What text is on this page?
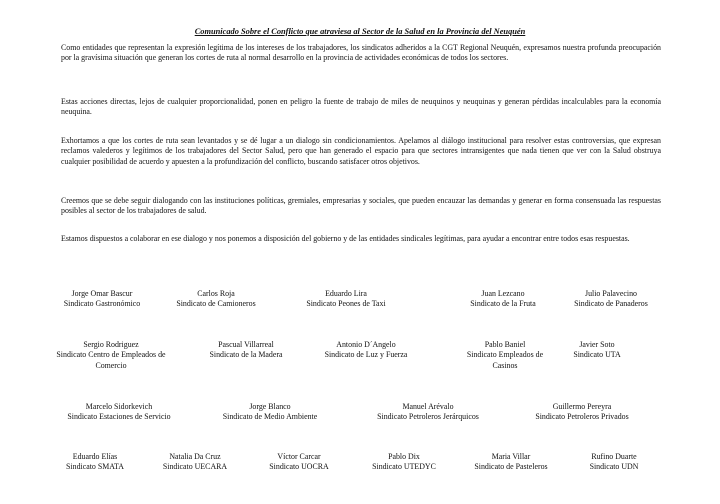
Comunicado Sobre el Conflicto que atraviesa al Sector de la Salud en la Provincia del Neuquén

Como entidades que representan la expresión legítima de los intereses de los trabajadores, los sindicatos adheridos a la CGT Regional Neuquén, expresamos nuestra profunda preocupación por la gravísima situación que generan los cortes de ruta al normal desarrollo en la provincia de actividades económicas de todos los sectores.

Estas acciones directas, lejos de cualquier proporcionalidad, ponen en peligro la fuente de trabajo de miles de neuquinos y neuquinas y generan pérdidas incalculables para la economía neuquina.

Exhortamos a que los cortes de ruta sean levantados y se dé lugar a un dialogo sin condicionamientos. Apelamos al diálogo institucional para resolver estas controversias, que expresan reclamos valederos y legítimos de los trabajadores del Sector Salud, pero que han generado el espacio para que sectores intransigentes que nada tienen que ver con la Salud obstruya cualquier posibilidad de acuerdo y apuesten a la profundización del conflicto, buscando satisfacer otros objetivos.

Creemos que se debe seguir dialogando con las instituciones políticas, gremiales, empresarias y sociales, que pueden encauzar las demandas y generar en forma consensuada las respuestas posibles al sector de los trabajadores de salud.

Estamos dispuestos a colaborar en ese dialogo y nos ponemos a disposición del gobierno y de las entidades sindicales legítimas, para ayudar a encontrar entre todos esas respuestas.

Jorge Omar Bascur
Sindicato Gastronómico
Carlos Roja
Sindicato de Camioneros
Eduardo Lira
Sindicato Peones de Taxi
Juan Lezcano
Sindicato de la Fruta
Julio Palavecino
Sindicato de Panaderos
Sergio Rodriguez
Sindicato Centro de Empleados de Comercio
Pascual Villarreal
Sindicato de la Madera
Antonio D´Angelo
Sindicato de Luz y Fuerza
Pablo Baniel
Sindicato Empleados de Casinos
Javier Soto
Sindicato UTA
Marcelo Sidorkevich
Sindicato Estaciones de Servicio
Jorge Blanco
Sindicato de Medio Ambiente
Manuel Arévalo
Sindicato Petroleros Jerárquicos
Guillermo Pereyra
Sindicato Petroleros Privados
Eduardo Elías
Sindicato SMATA
Natalia Da Cruz
Sindicato UECARA
Víctor Carcar
Sindicato UOCRA
Pablo Dix
Sindicato UTEDYC
Maria Villar
Sindicato de Pasteleros
Rufino Duarte
Sindicato UDN
